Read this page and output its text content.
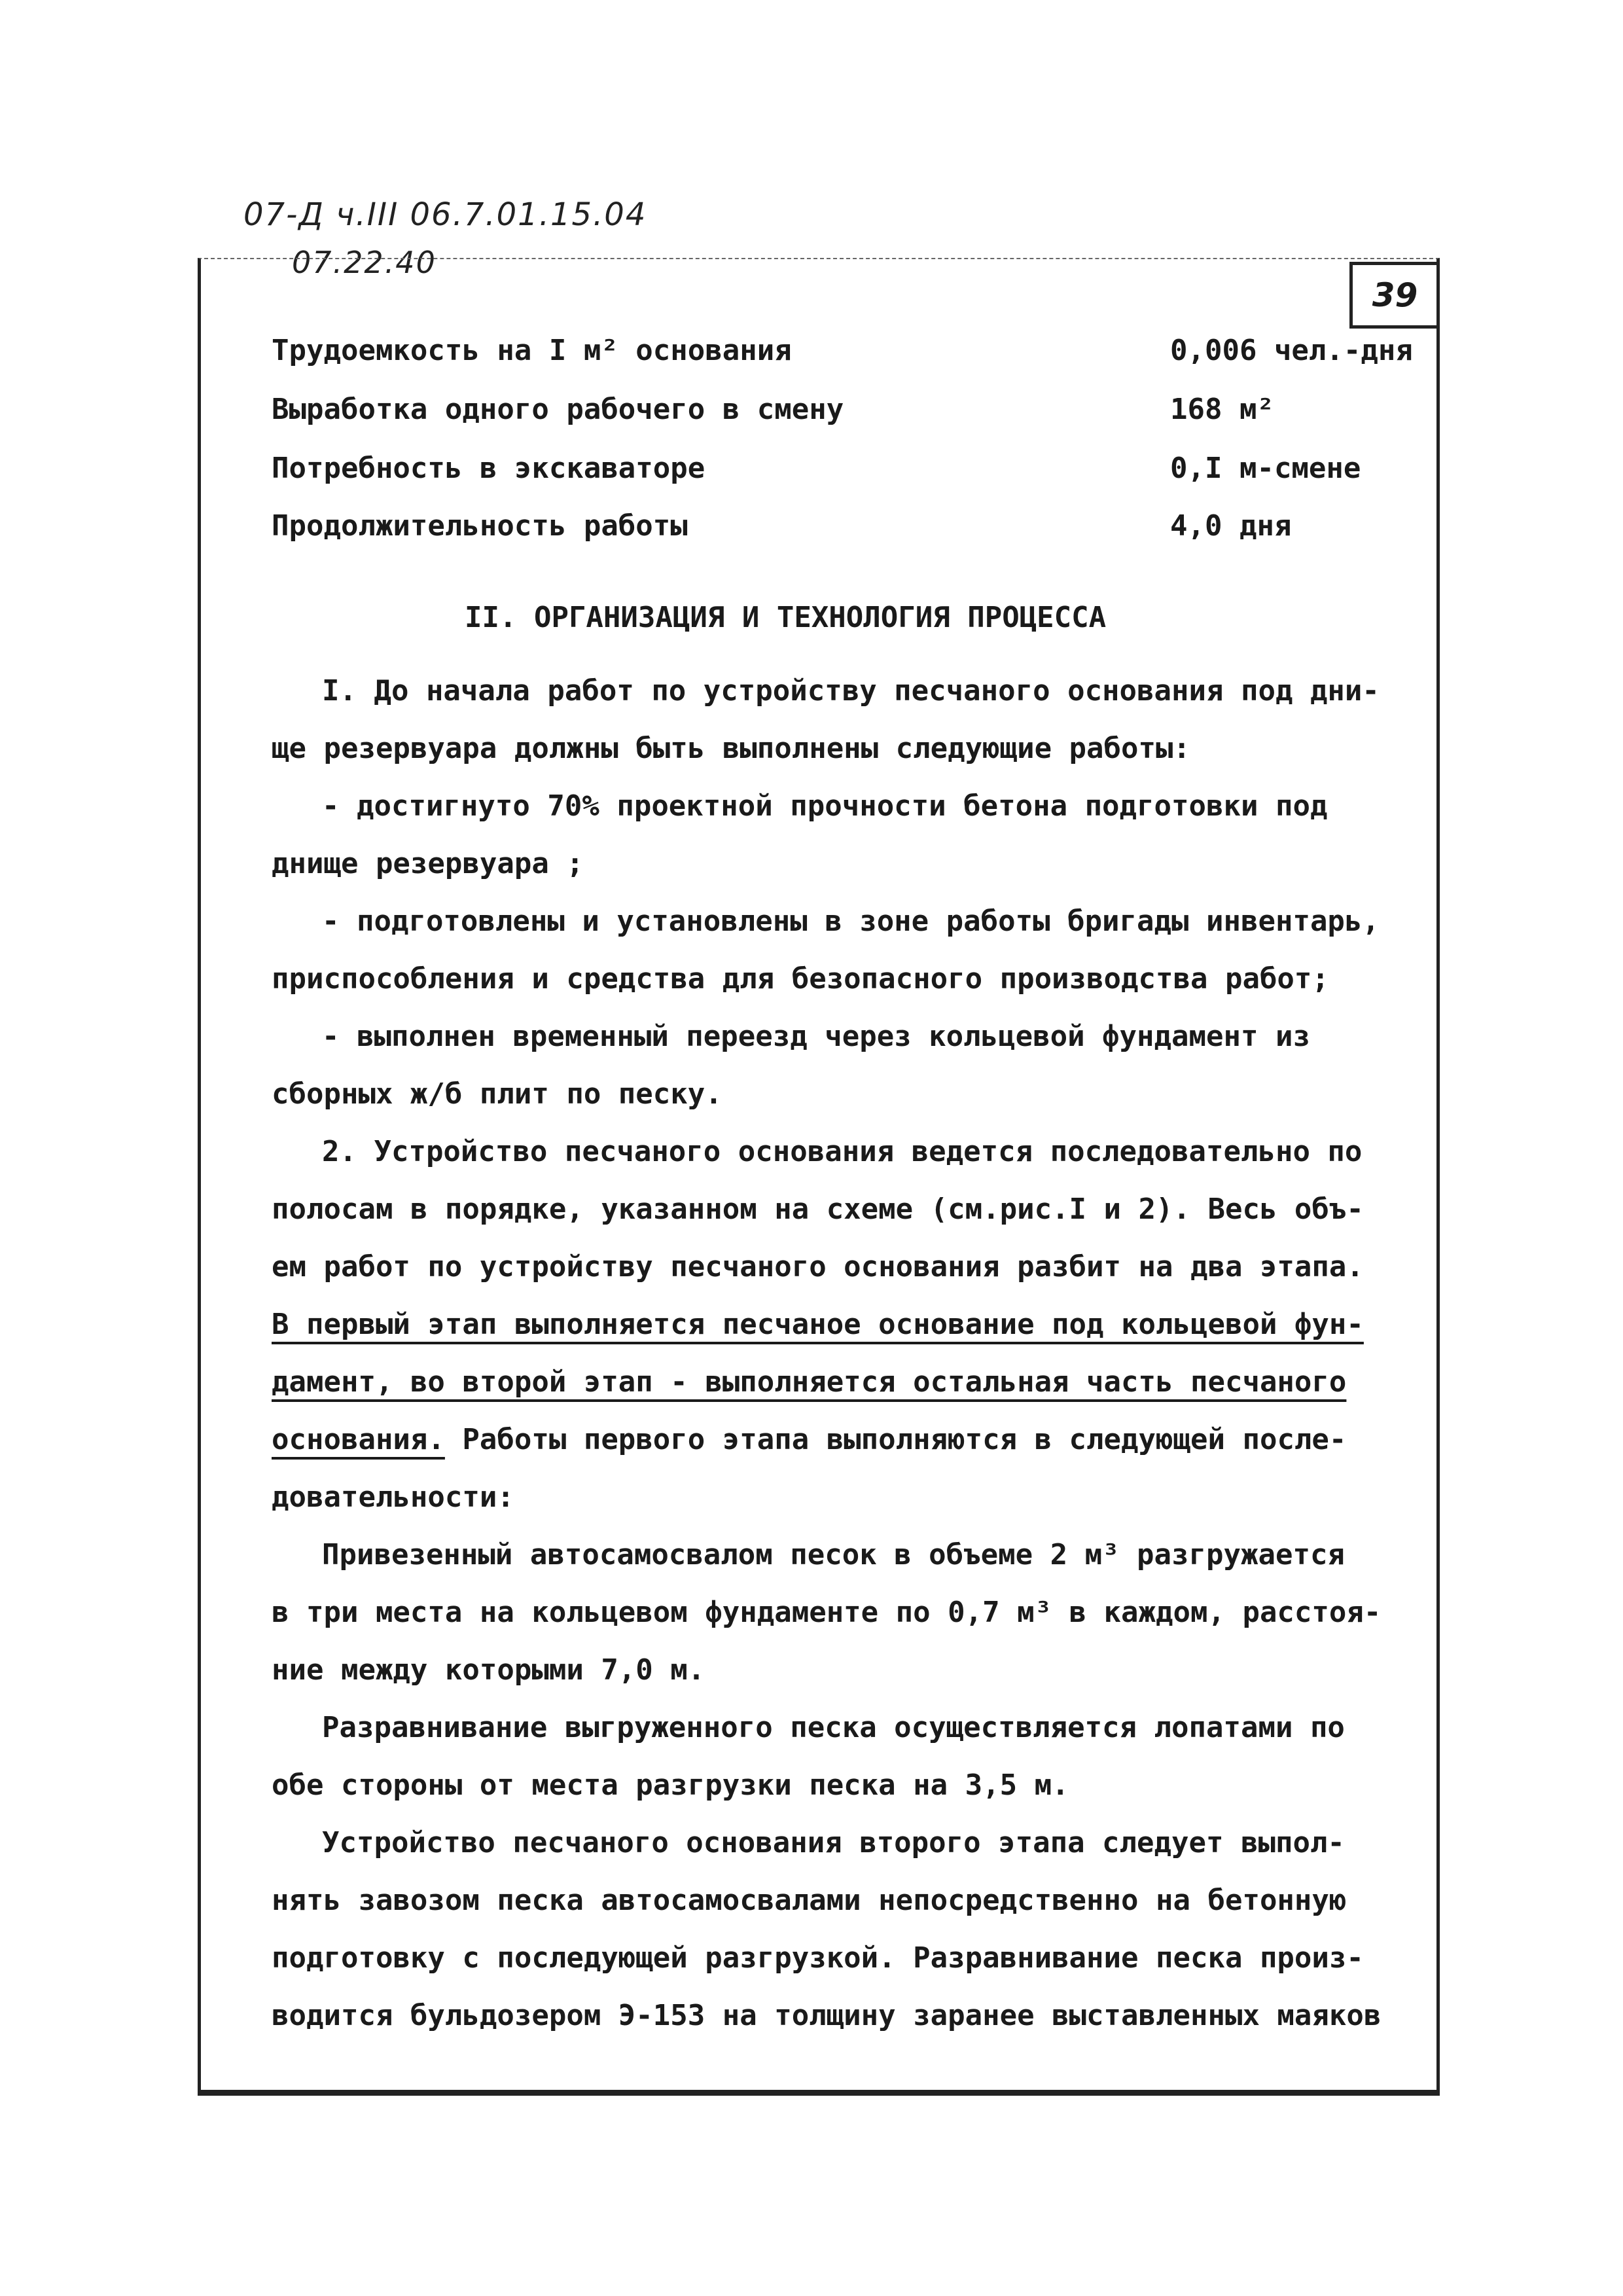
07-Д ч.III 06.7.01.15.04
07.22.40
39
Трудоемкость на I м² основания	0,006 чел.-дня
Выработка одного рабочего в смену	168 м²
Потребность в экскаваторе	0,I м-смене
Продолжительность работы	4,0 дня
II. ОРГАНИЗАЦИЯ И ТЕХНОЛОГИЯ ПРОЦЕССА
I. До начала работ по устройству песчаного основания под дни-
ще резервуара должны быть выполнены следующие работы:
- достигнуто 70% проектной прочности бетона подготовки под
днище резервуара ;
- подготовлены и установлены в зоне работы бригады инвентарь,
приспособления и средства для безопасного производства работ;
- выполнен временный переезд через кольцевой фундамент из
сборных ж/б плит по песку.
2. Устройство песчаного основания ведется последовательно по
полосам в порядке, указанном на схеме (см.рис.I и 2). Весь объ-
ем работ по устройству песчаного основания разбит на два этапа.
В первый этап выполняется песчаное основание под кольцевой фун-
дамент, во второй этап - выполняется остальная часть песчаного
основания. Работы первого этапа выполняются в следующей после-
довательности:
Привезенный автосамосвалом песок в объеме 2 м³ разгружается
в три места на кольцевом фундаменте по 0,7 м³ в каждом, расстоя-
ние между которыми 7,0 м.
Разравнивание выгруженного песка осуществляется лопатами по
обе стороны от места разгрузки песка на 3,5 м.
Устройство песчаного основания второго этапа следует выпол-
нять завозом песка автосамосвалами непосредственно на бетонную
подготовку с последующей разгрузкой. Разравнивание песка произ-
водится бульдозером Э-153 на толщину заранее выставленных маяков
